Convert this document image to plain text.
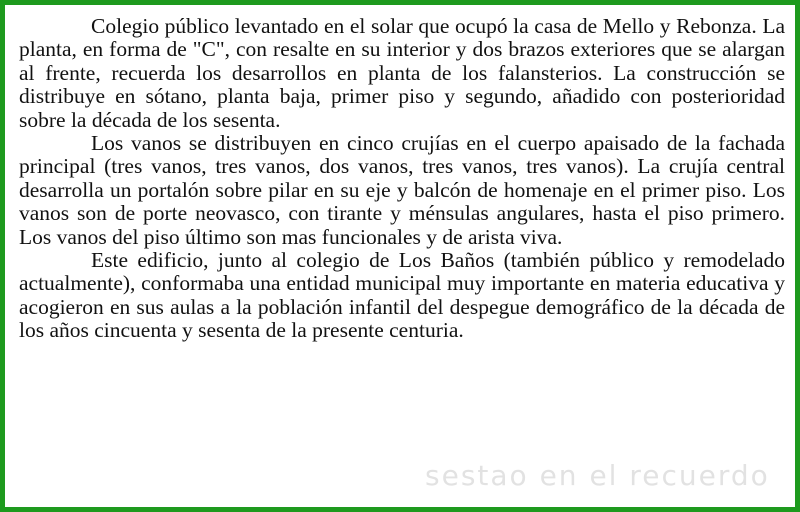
Colegio público levantado en el solar que ocupó la casa de Mello y Rebonza. La planta, en forma de "C", con resalte en su interior y dos brazos exteriores que se alargan al frente, recuerda los desarrollos en planta de los falansterios. La construcción se distribuye en sótano, planta baja, primer piso y segundo, añadido con posterioridad sobre la década de los sesenta.

Los vanos se distribuyen en cinco crujías en el cuerpo apaisado de la fachada principal (tres vanos, tres vanos, dos vanos, tres vanos, tres vanos). La crujía central desarrolla un portalón sobre pilar en su eje y balcón de homenaje en el primer piso. Los vanos son de porte neovasco, con tirante y ménsulas angulares, hasta el piso primero. Los vanos del piso último son mas funcionales y de arista viva.

Este edificio, junto al colegio de Los Baños (también público y remodelado actualmente), conformaba una entidad municipal muy importante en materia educativa y acogieron en sus aulas a la población infantil del despegue demográfico de la década de los años cincuenta y sesenta de la presente centuria.

sestao en el recuerdo
